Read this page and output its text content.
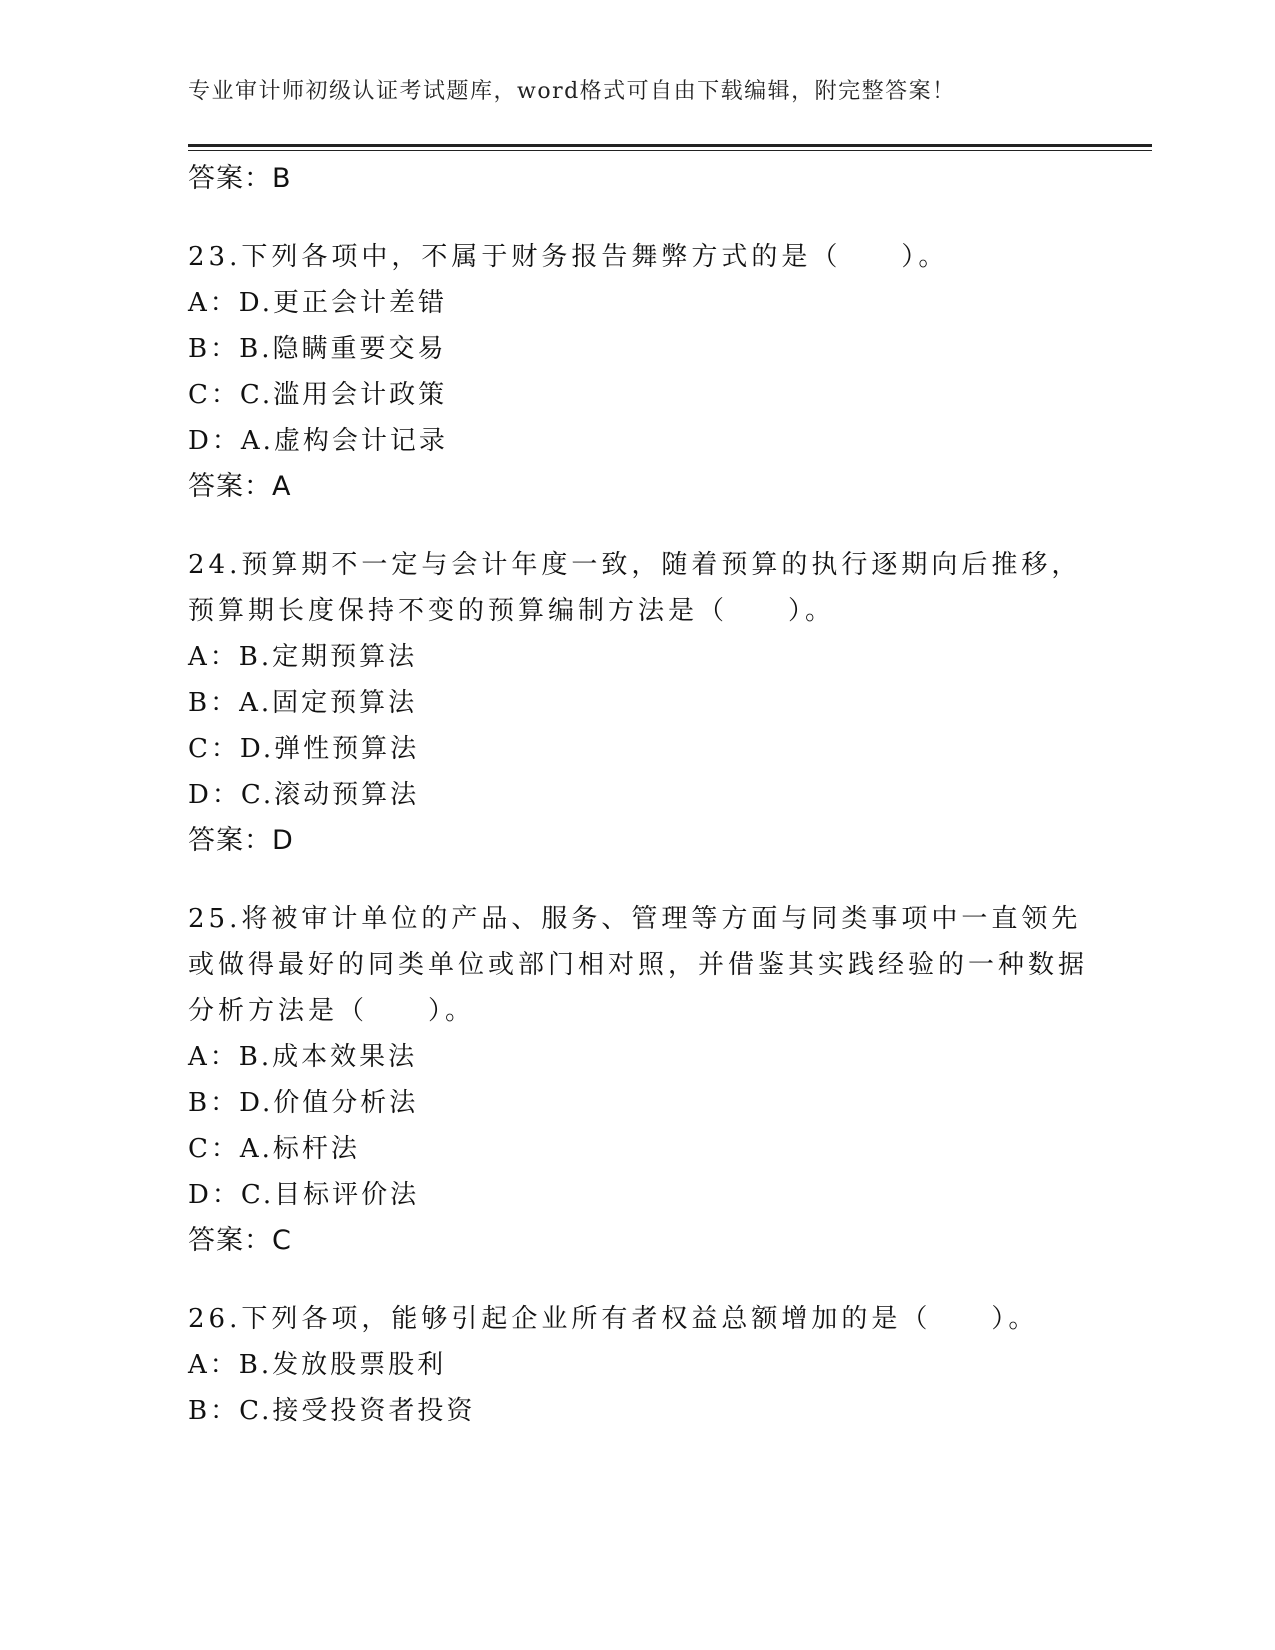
专业审计师初级认证考试题库，word格式可自由下载编辑，附完整答案！
答案：B
23.下列各项中，不属于财务报告舞弊方式的是（　　）。
A：D.更正会计差错
B：B.隐瞒重要交易
C：C.滥用会计政策
D：A.虚构会计记录
答案：A
24.预算期不一定与会计年度一致，随着预算的执行逐期向后推移，预算期长度保持不变的预算编制方法是（　　）。
A：B.定期预算法
B：A.固定预算法
C：D.弹性预算法
D：C.滚动预算法
答案：D
25.将被审计单位的产品、服务、管理等方面与同类事项中一直领先或做得最好的同类单位或部门相对照，并借鉴其实践经验的一种数据分析方法是（　　）。
A：B.成本效果法
B：D.价值分析法
C：A.标杆法
D：C.目标评价法
答案：C
26.下列各项，能够引起企业所有者权益总额增加的是（　　）。
A：B.发放股票股利
B：C.接受投资者投资
